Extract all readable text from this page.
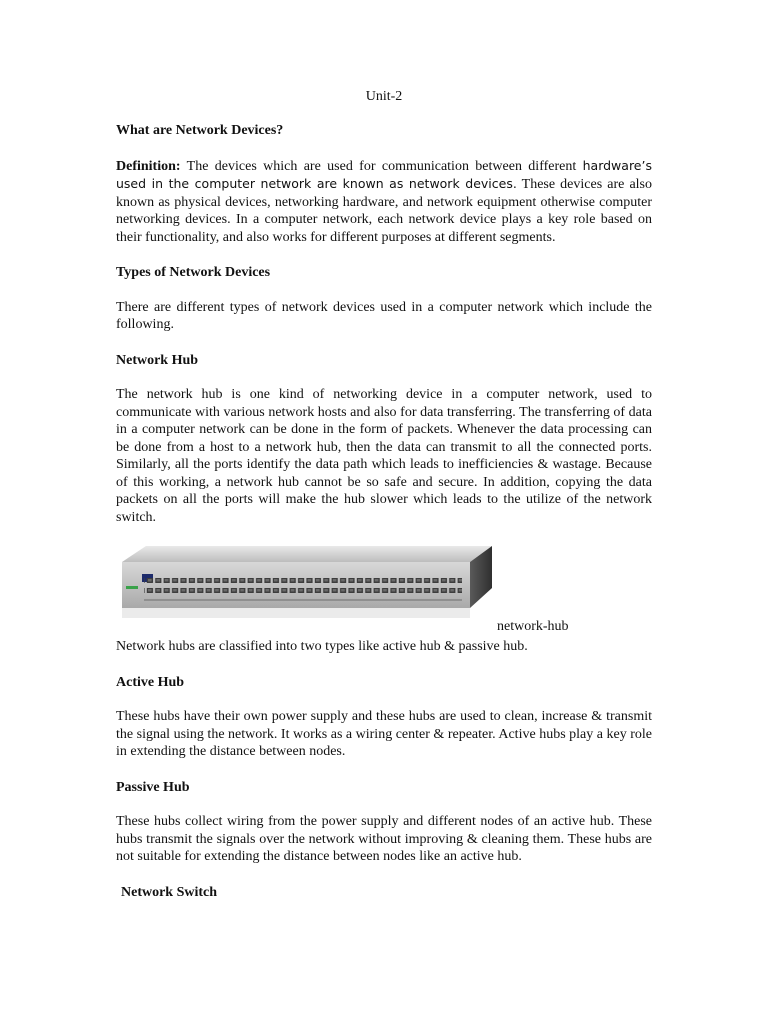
Unit-2
What are Network Devices?

Definition: The devices which are used for communication between different hardware’s used in the computer network are known as network devices. These devices are also known as physical devices, networking hardware, and network equipment otherwise computer networking devices. In a computer network, each network device plays a key role based on their functionality, and also works for different purposes at different segments.

Types of Network Devices

There are different types of network devices used in a computer network which include the following.

Network Hub

The network hub is one kind of networking device in a computer network, used to communicate with various network hosts and also for data transferring. The transferring of data in a computer network can be done in the form of packets. Whenever the data processing can be done from a host to a network hub, then the data can transmit to all the connected ports. Similarly, all the ports identify the data path which leads to inefficiencies & wastage. Because of this working, a network hub cannot be so safe and secure. In addition, copying the data packets on all the ports will make the hub slower which leads to the utilize of the network switch.

network-hub

Network hubs are classified into two types like active hub & passive hub.

Active Hub

These hubs have their own power supply and these hubs are used to clean, increase & transmit the signal using the network. It works as a wiring center & repeater. Active hubs play a key role in extending the distance between nodes.

Passive Hub

These hubs collect wiring from the power supply and different nodes of an active hub. These hubs transmit the signals over the network without improving & cleaning them. These hubs are not suitable for extending the distance between nodes like an active hub.

Network Switch
